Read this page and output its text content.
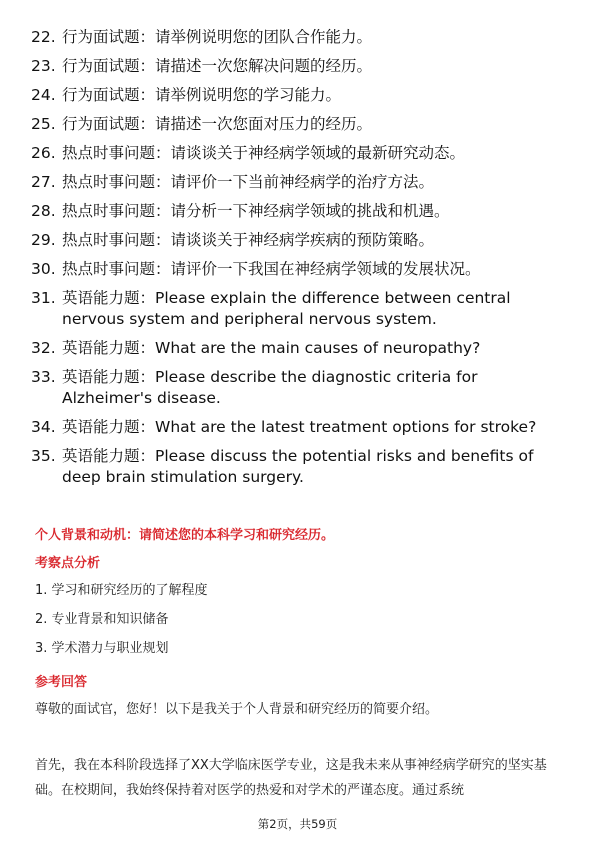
22. 行为面试题：请举例说明您的团队合作能力。
23. 行为面试题：请描述一次您解决问题的经历。
24. 行为面试题：请举例说明您的学习能力。
25. 行为面试题：请描述一次您面对压力的经历。
26. 热点时事问题：请谈谈关于神经病学领域的最新研究动态。
27. 热点时事问题：请评价一下当前神经病学的治疗方法。
28. 热点时事问题：请分析一下神经病学领域的挑战和机遇。
29. 热点时事问题：请谈谈关于神经病学疾病的预防策略。
30. 热点时事问题：请评价一下我国在神经病学领域的发展状况。
31. 英语能力题：Please explain the difference between central nervous system and peripheral nervous system.
32. 英语能力题：What are the main causes of neuropathy?
33. 英语能力题：Please describe the diagnostic criteria for Alzheimer's disease.
34. 英语能力题：What are the latest treatment options for stroke?
35. 英语能力题：Please discuss the potential risks and benefits of deep brain stimulation surgery.
个人背景和动机：请简述您的本科学习和研究经历。
考察点分析
1. 学习和研究经历的了解程度
2. 专业背景和知识储备
3. 学术潜力与职业规划
参考回答
尊敬的面试官，您好！以下是我关于个人背景和研究经历的简要介绍。
首先，我在本科阶段选择了XX大学临床医学专业，这是我未来从事神经病学研究的坚实基础。在校期间，我始终保持着对医学的热爱和对学术的严谨态度。通过系统
第2页，共59页
